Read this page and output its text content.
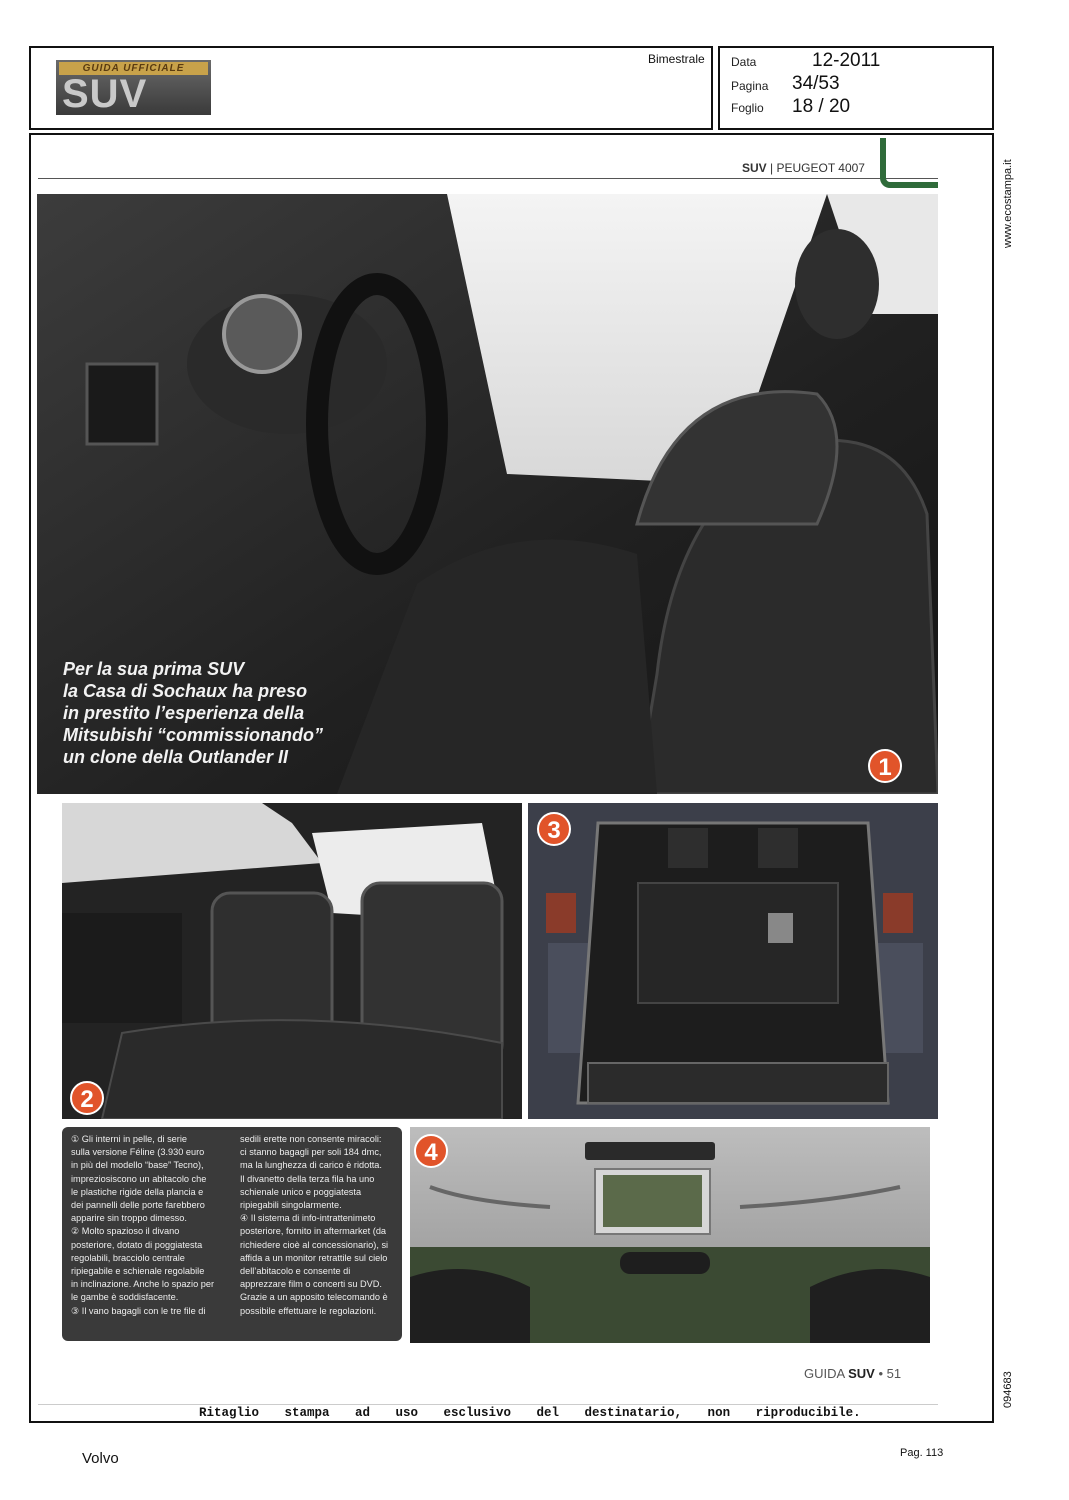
GUIDA UFFICIALE
SUV
Bimestrale Data	12-2011
Pagina 34/53
Foglio 18 / 20
www.ecostampa.it
094683
SUV | PEUGEOT 4007
Per la sua prima SUV
la Casa di Sochaux ha preso
in prestito l’esperienza della
Mitsubishi “commissionando”
un clone della Outlander II	1
2
3

① Gli interni in pelle, di serie

sulla versione Féline (3.930 euro

in più del modello “base” Tecno),

impreziosiscono un abitacolo che

le plastiche rigide della plancia e

dei pannelli delle porte farebbero

apparire sin troppo dimesso.

② Molto spazioso il divano

posteriore, dotato di poggiatesta

regolabili, bracciolo centrale

ripiegabile e schienale regolabile

in inclinazione. Anche lo spazio per

le gambe è soddisfacente.

③ Il vano bagagli con le tre file di

sedili erette non consente miracoli:

ci stanno bagagli per soli 184 dmc,

ma la lunghezza di carico è ridotta.

Il divanetto della terza fila ha uno

schienale unico e poggiatesta

ripiegabili singolarmente.

④ Il sistema di info-intrattenimeto

posteriore, fornito in aftermarket (da

richiedere cioè al concessionario), si

affida a un monitor retrattile sul cielo

dell’abitacolo e consente di

apprezzare film o concerti su DVD.

Grazie a un apposito telecomando è

possibile effettuare le regolazioni.

4
GUIDA SUV • 51
Ritaglio stampa ad uso esclusivo del destinatario, non riproducibile.
Volvo	Pag. 113
